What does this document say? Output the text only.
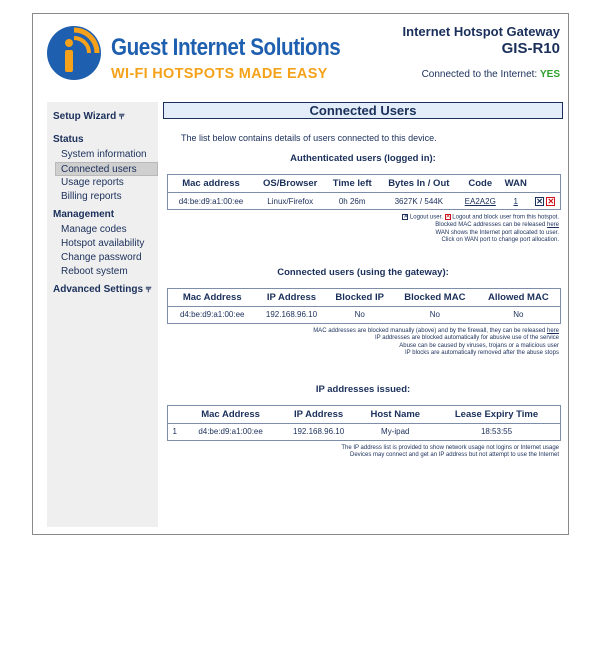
Guest Internet Solutions
WI-FI HOTSPOTS MADE EASY
Internet Hotspot Gateway
GIS-R10
Connected to the Internet: YES
Setup Wizard ⫧
Status
System information
Connected users
Usage reports
Billing reports
Management
Manage codes
Hotspot availability
Change password
Reboot system
Advanced Settings ⫧
Connected Users
The list below contains details of users connected to this device.
Authenticated users (logged in):
Mac address	OS/Browser	Time left	Bytes In / Out	Code	WAN	
d4:be:d9:a1:00:ee	Linux/Firefox	0h 26m	3627K / 544K	EA2A2G	1	✕ ✕
✕ Logout user. ✕ Logout and block user from this hotspot.
Blocked MAC addresses can be released here
WAN shows the Internet port allocated to user.
Click on WAN port to change port allocation.
Connected users (using the gateway):
Mac Address	IP Address	Blocked IP	Blocked MAC	Allowed MAC
d4:be:d9:a1:00:ee	192.168.96.10	No	No	No
MAC addresses are blocked manually (above) and by the firewall, they can be released here
IP addresses are blocked automatically for abusive use of the service
Abuse can be caused by viruses, trojans or a malicious user
IP blocks are automatically removed after the abuse stops
IP addresses issued:
	Mac Address	IP Address	Host Name	Lease Expiry Time
1	d4:be:d9:a1:00:ee	192.168.96.10	My-ipad	18:53:55
The IP address list is provided to show network usage not logins or Internet usage
Devices may connect and get an IP address but not attempt to use the Internet
